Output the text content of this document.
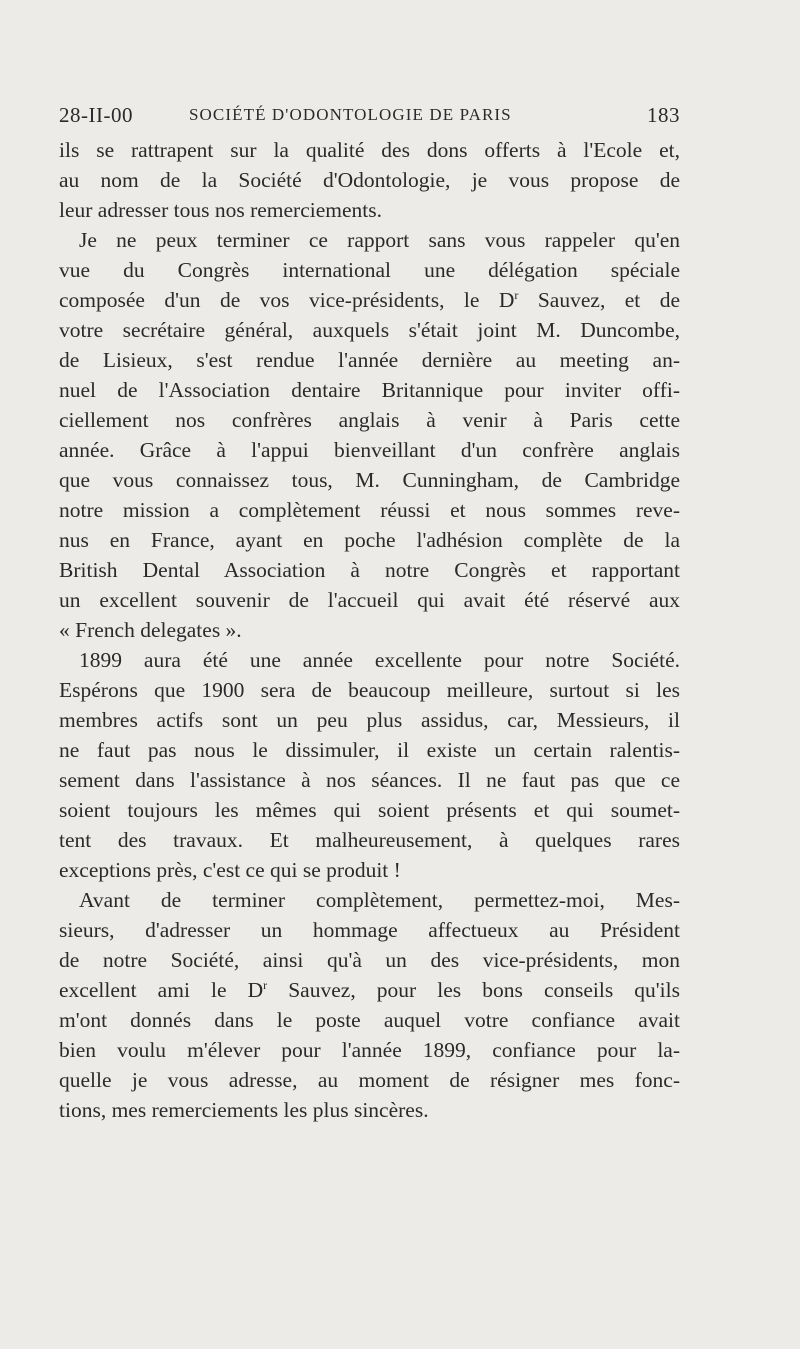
28-II-00	SOCIÉTÉ D'ODONTOLOGIE DE PARIS	183
ils se rattrapent sur la qualité des dons offerts à l'Ecole et,
au nom de la Société d'Odontologie, je vous propose de
leur adresser tous nos remerciements.
Je ne peux terminer ce rapport sans vous rappeler qu'en
vue du Congrès international une délégation spéciale
composée d'un de vos vice-présidents, le $D^r$ Sauvez, et de
votre secrétaire général, auxquels s'était joint M. Duncombe,
de Lisieux, s'est rendue l'année dernière au meeting an-
nuel de l'Association dentaire Britannique pour inviter offi-
ciellement nos confrères anglais à venir à Paris cette
année. Grâce à l'appui bienveillant d'un confrère anglais
que vous connaissez tous, M. Cunningham, de Cambridge
notre mission a complètement réussi et nous sommes reve-
nus en France, ayant en poche l'adhésion complète de la
British Dental Association à notre Congrès et rapportant
un excellent souvenir de l'accueil qui avait été réservé aux
« French delegates ».
1899 aura été une année excellente pour notre Société.
Espérons que 1900 sera de beaucoup meilleure, surtout si les
membres actifs sont un peu plus assidus, car, Messieurs, il
ne faut pas nous le dissimuler, il existe un certain ralentis-
sement dans l'assistance à nos séances. Il ne faut pas que ce
soient toujours les mêmes qui soient présents et qui soumet-
tent des travaux. Et malheureusement, à quelques rares
exceptions près, c'est ce qui se produit !
Avant de terminer complètement, permettez-moi, Mes-
sieurs, d'adresser un hommage affectueux au Président
de notre Société, ainsi qu'à un des vice-présidents, mon
excellent ami le $D^r$ Sauvez, pour les bons conseils qu'ils
m'ont donnés dans le poste auquel votre confiance avait
bien voulu m'élever pour l'année 1899, confiance pour la-
quelle je vous adresse, au moment de résigner mes fonc-
tions, mes remerciements les plus sincères.
